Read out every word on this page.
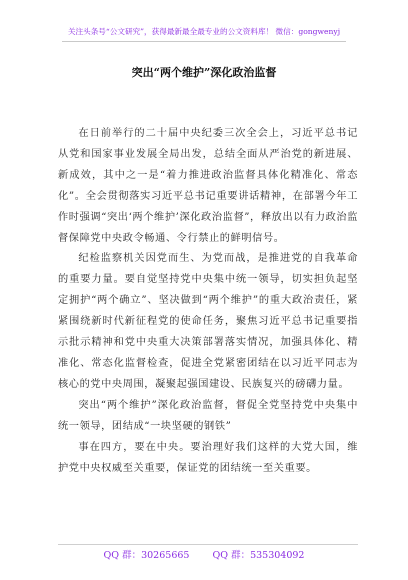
关注头条号“公文研究”，获得最新最全最专业的公文资料库！ 微信：gongwenyj
突出“两个维护”深化政治监督

在日前举行的二十届中央纪委三次全会上，习近平总书记从党和国家事业发展全局出发，总结全面从严治党的新进展、新成效，其中之一是“着力推进政治监督具体化精准化、常态化”。全会贯彻落实习近平总书记重要讲话精神，在部署今年工作时强调“突出‘两个维护’深化政治监督”，释放出以有力政治监督保障党中央政令畅通、令行禁止的鲜明信号。

纪检监察机关因党而生、为党而战，是推进党的自我革命的重要力量。要自觉坚持党中央集中统一领导，切实担负起坚定拥护“两个确立”、坚决做到“两个维护”的重大政治责任，紧紧围绕新时代新征程党的使命任务，聚焦习近平总书记重要指示批示精神和党中央重大决策部署落实情况，加强具体化、精准化、常态化监督检查，促进全党紧密团结在以习近平同志为核心的党中央周围，凝聚起强国建设、民族复兴的磅礴力量。

突出“两个维护”深化政治监督，督促全党坚持党中央集中统一领导，团结成“一块坚硬的钢铁”

事在四方，要在中央。要治理好我们这样的大党大国，维护党中央权威至关重要，保证党的团结统一至关重要。

QQ 群：30265665 QQ 群：535304092
